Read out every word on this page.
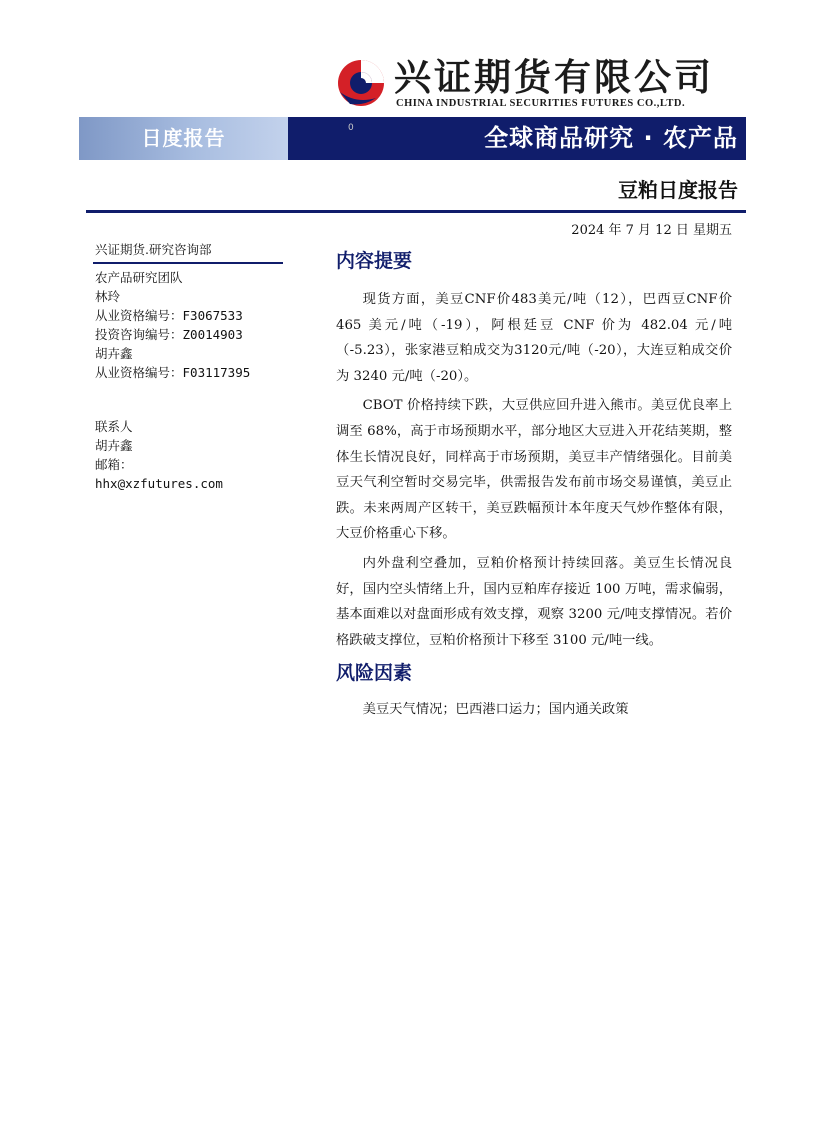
兴证期货有限公司
CHINA INDUSTRIAL SECURITIES FUTURES CO.,LTD.
日度报告	0	全球商品研究 · 农产品
豆粕日度报告
2024 年 7 月 12 日 星期五
兴证期货.研究咨询部
农产品研究团队
林玲
从业资格编号：F3067533
投资咨询编号：Z0014903
胡卉鑫
从业资格编号：F03117395
联系人
胡卉鑫
邮箱：
hhx@xzfutures.com
内容提要

现货方面，美豆CNF价483美元/吨（12），巴西豆CNF价 465 美元/吨（-19），阿根廷豆 CNF 价为 482.04 元/吨（-5.23），张家港豆粕成交为3120元/吨（-20），大连豆粕成交价为 3240 元/吨（-20）。

CBOT 价格持续下跌，大豆供应回升进入熊市。美豆优良率上调至 68%，高于市场预期水平，部分地区大豆进入开花结荚期，整体生长情况良好，同样高于市场预期，美豆丰产情绪强化。目前美豆天气利空暂时交易完毕，供需报告发布前市场交易谨慎，美豆止跌。未来两周产区转干，美豆跌幅预计本年度天气炒作整体有限，大豆价格重心下移。

内外盘利空叠加，豆粕价格预计持续回落。美豆生长情况良好，国内空头情绪上升，国内豆粕库存接近 100 万吨，需求偏弱，基本面难以对盘面形成有效支撑，观察 3200 元/吨支撑情况。若价格跌破支撑位，豆粕价格预计下移至 3100 元/吨一线。

风险因素
美豆天气情况；巴西港口运力；国内通关政策
